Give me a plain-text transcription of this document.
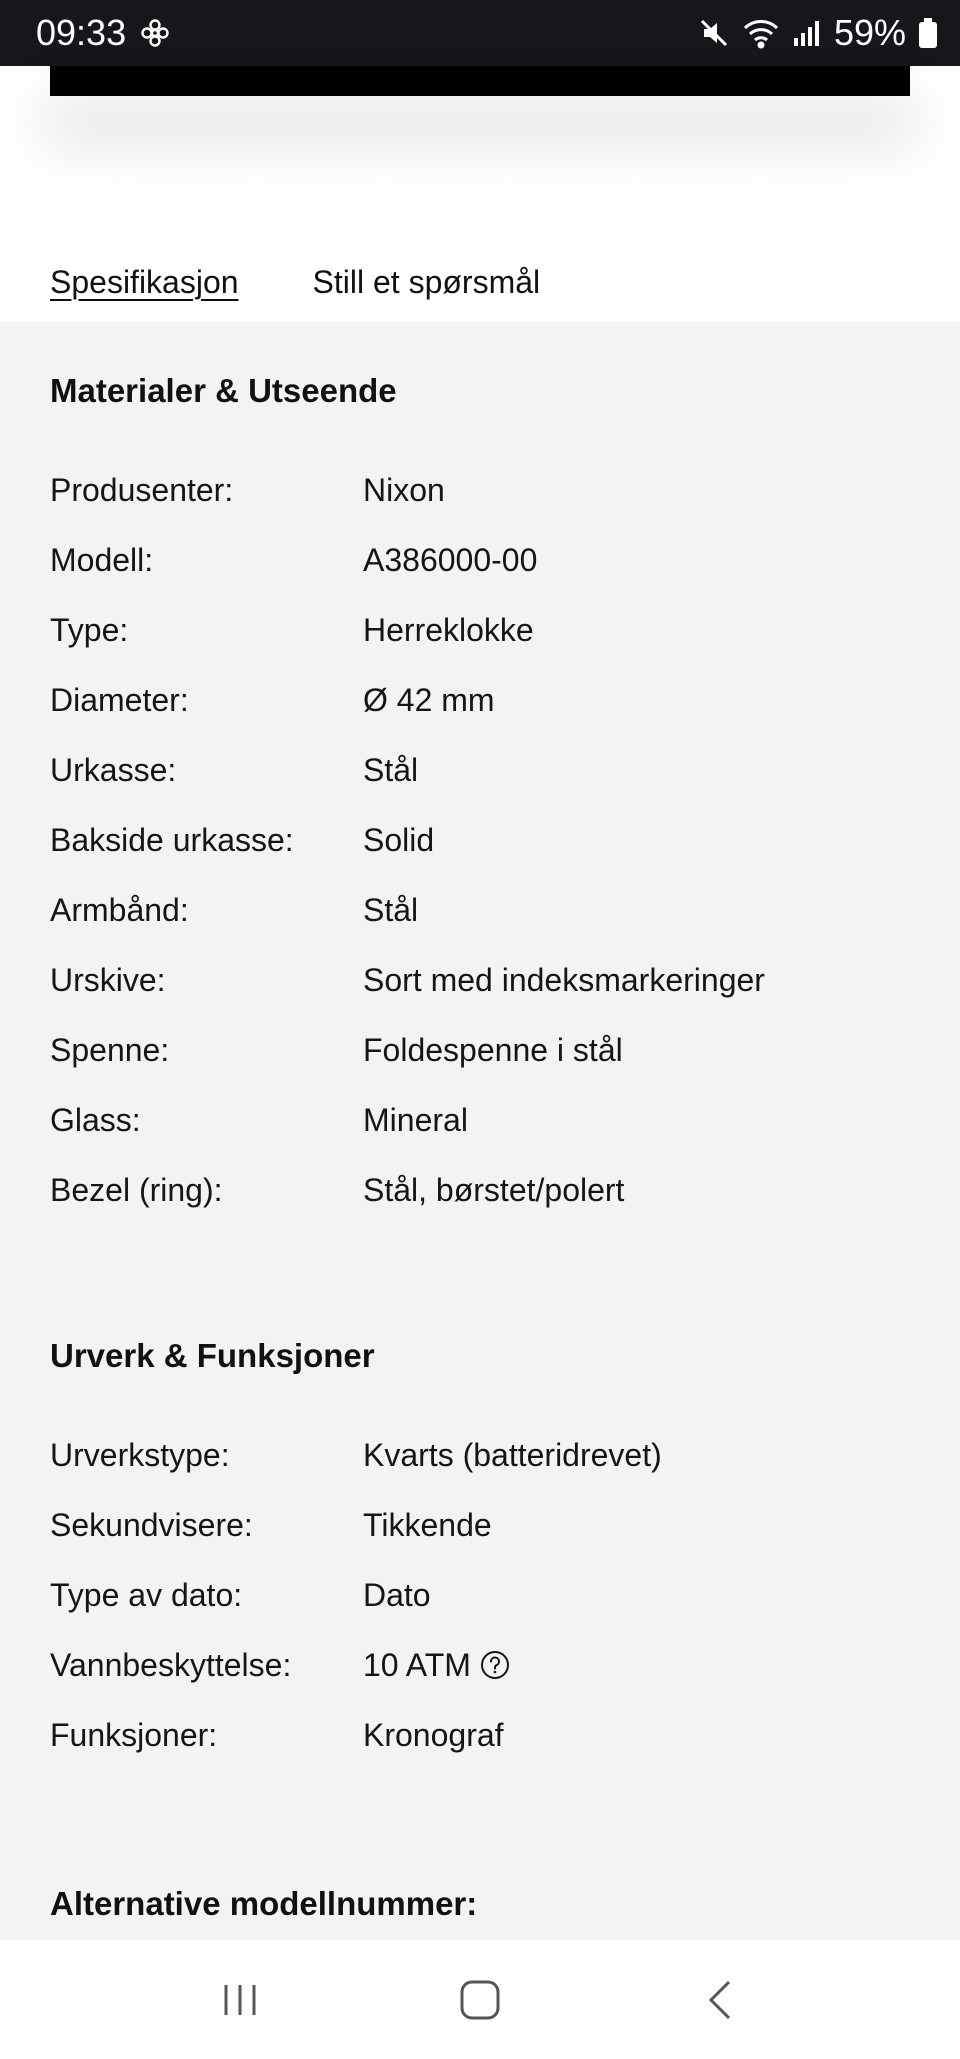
09:33	59%
Spesifikasjon Still et spørsmål
Materialer & Utseende
Produsenter:	Nixon
Modell:	A386000-00
Type:	Herreklokke
Diameter:	Ø 42 mm
Urkasse:	Stål
Bakside urkasse:	Solid
Armbånd:	Stål
Urskive:	Sort med indeksmarkeringer
Spenne:	Foldespenne i stål
Glass:	Mineral
Bezel (ring):	Stål, børstet/polert
Urverk & Funksjoner
Urverkstype:	Kvarts (batteridrevet)
Sekundvisere:	Tikkende
Type av dato:	Dato
Vannbeskyttelse:	10 ATM
Funksjoner:	Kronograf
Alternative modellnummer:
